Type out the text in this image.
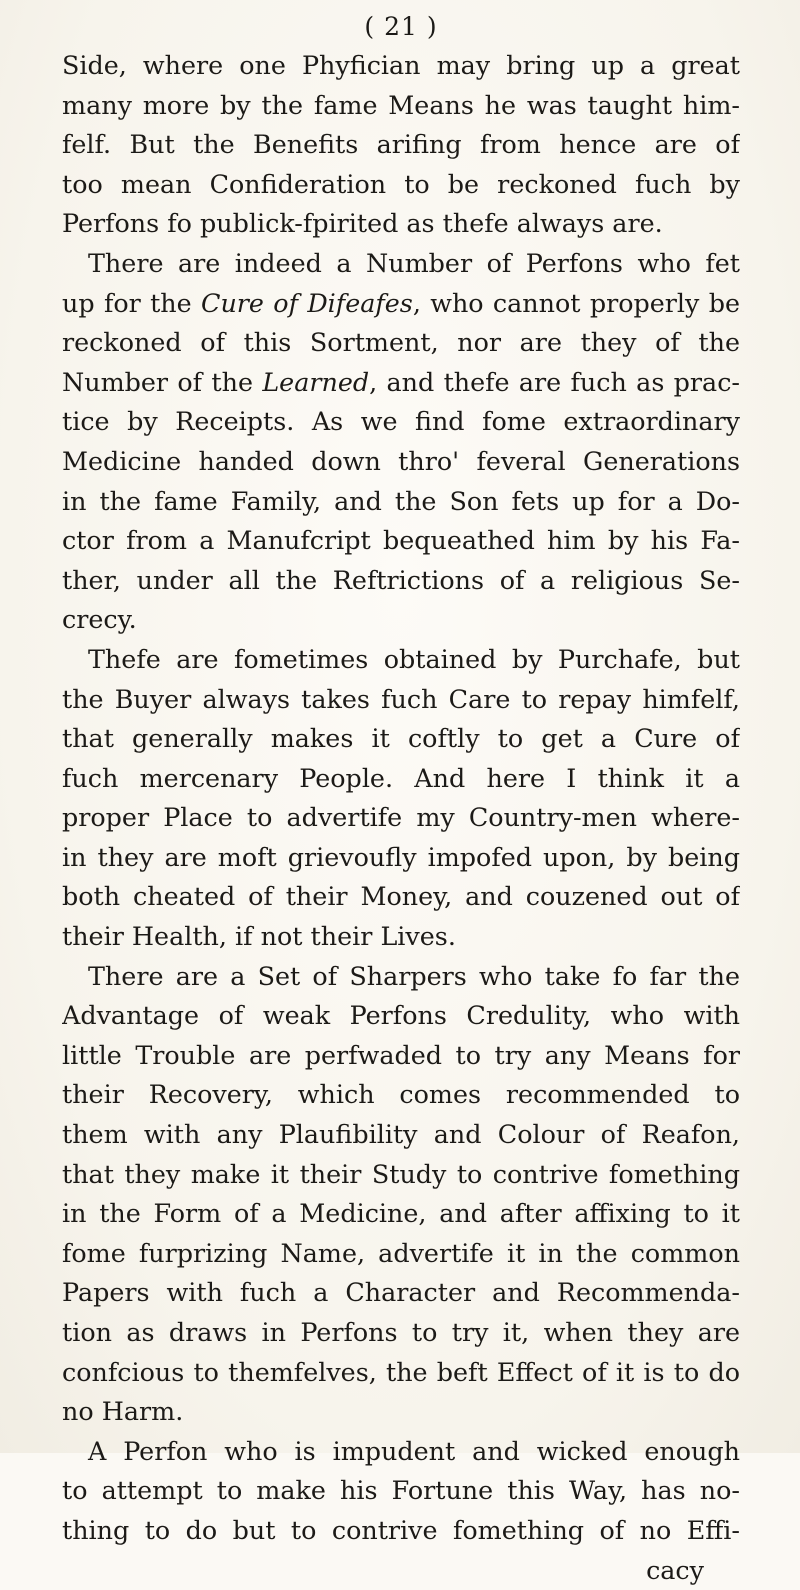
( 21 )
Side, where one Phyfician may bring up a great
many more by the fame Means he was taught him-
felf. But the Benefits arifing from hence are of
too mean Confideration to be reckoned fuch by
Perfons fo publick-fpirited as thefe always are.
There are indeed a Number of Perfons who fet
up for the Cure of Difeafes, who cannot properly be
reckoned of this Sortment, nor are they of the
Number of the Learned, and thefe are fuch as prac-
tice by Receipts. As we find fome extraordinary
Medicine handed down thro' feveral Generations
in the fame Family, and the Son fets up for a Do-
ctor from a Manufcript bequeathed him by his Fa-
ther, under all the Reftrictions of a religious Se-
crecy.
Thefe are fometimes obtained by Purchafe, but
the Buyer always takes fuch Care to repay himfelf,
that generally makes it coftly to get a Cure of
fuch mercenary People. And here I think it a
proper Place to advertife my Country-men where-
in they are moft grievoufly impofed upon, by being
both cheated of their Money, and couzened out of
their Health, if not their Lives.
There are a Set of Sharpers who take fo far the
Advantage of weak Perfons Credulity, who with
little Trouble are perfwaded to try any Means for
their Recovery, which comes recommended to
them with any Plaufibility and Colour of Reafon,
that they make it their Study to contrive fomething
in the Form of a Medicine, and after affixing to it
fome furprizing Name, advertife it in the common
Papers with fuch a Character and Recommenda-
tion as draws in Perfons to try it, when they are
confcious to themfelves, the beft Effect of it is to do
no Harm.
A Perfon who is impudent and wicked enough
to attempt to make his Fortune this Way, has no-
thing to do but to contrive fomething of no Effi-
cacy
